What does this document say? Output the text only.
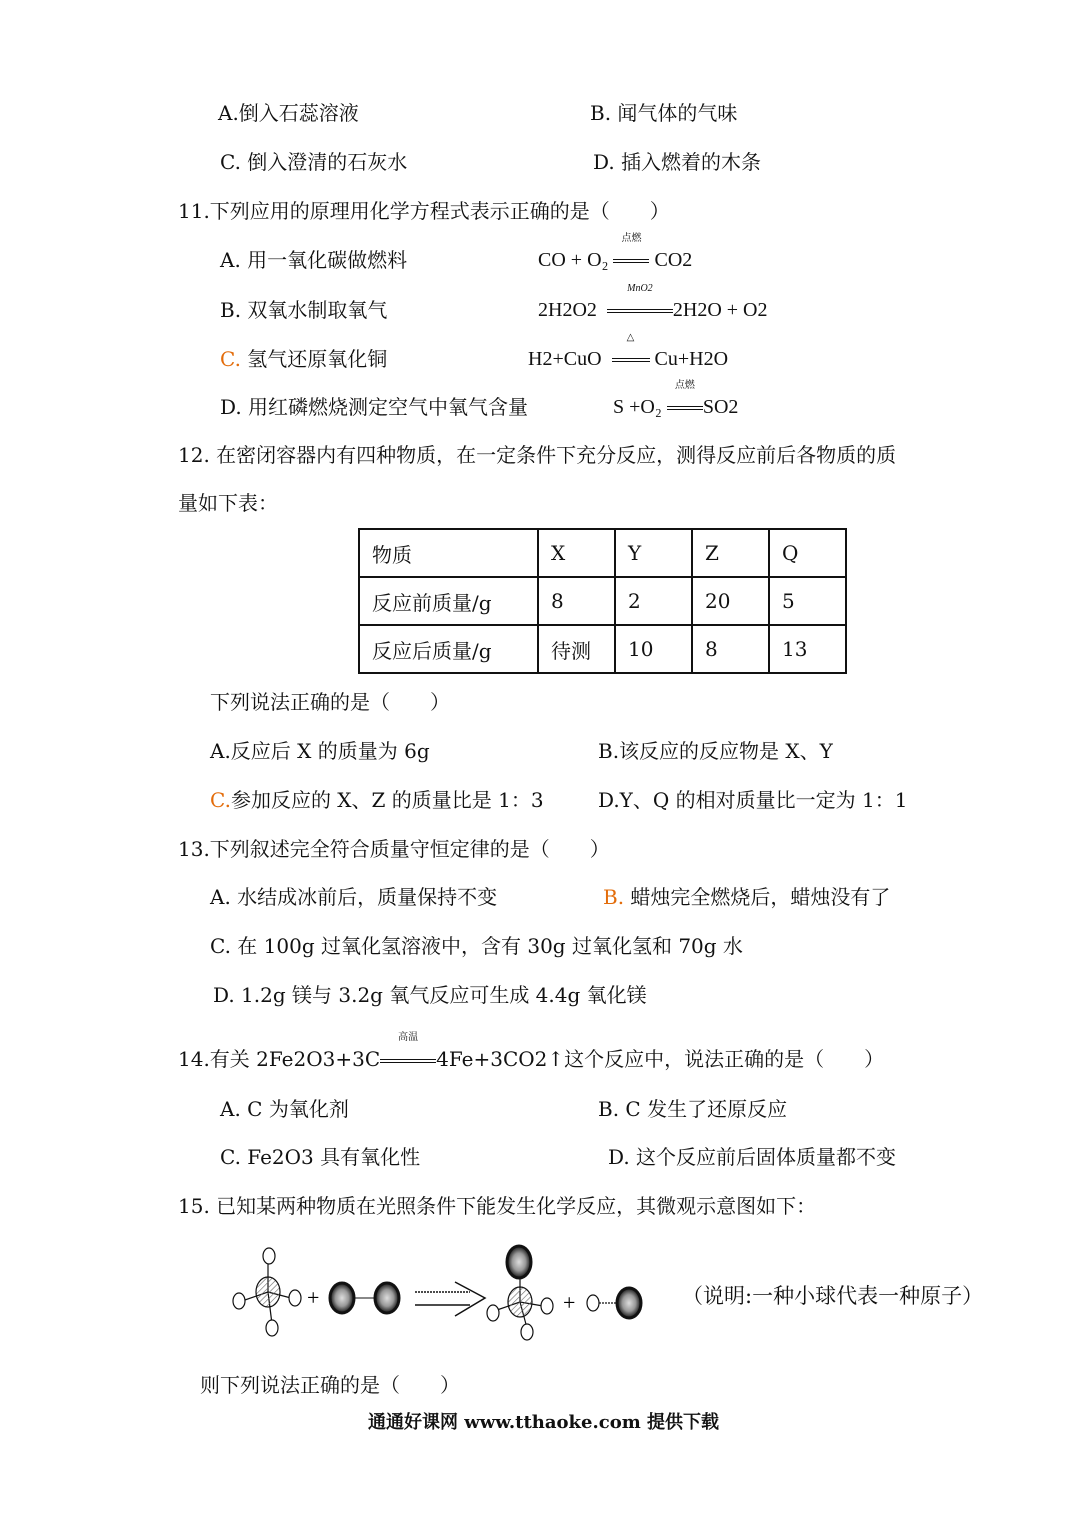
A.倒入石蕊溶液	B. 闻气体的气味
C. 倒入澄清的石灰水	D. 插入燃着的木条
11.下列应用的原理用化学方程式表示正确的是（　　）
A. 用一氧化碳做燃料	CO + O₂
点燃
CO2
B. 双氧水制取氧气	2H2O2
MnO2
2H2O + O2
C. 氢气还原氧化铜	H2+CuO
△
Cu+H2O
D. 用红磷燃烧测定空气中氧气含量	S +O₂
点燃
SO2
12. 在密闭容器内有四种物质，在一定条件下充分反应，测得反应前后各物质的质
量如下表：
物质	X	Y	Z	Q
反应前质量/g	8	2	20	5
反应后质量/g	待测	10	8	13
下列说法正确的是（　　）
A.反应后 X 的质量为 6g	B.该反应的反应物是 X、Y
C.参加反应的 X、Z 的质量比是 1：3	D.Y、Q 的相对质量比一定为 1：1
13.下列叙述完全符合质量守恒定律的是（　　）
A. 水结成冰前后，质量保持不变	B. 蜡烛完全燃烧后，蜡烛没有了
C. 在 100g 过氧化氢溶液中，含有 30g 过氧化氢和 70g 水
D. 1.2g 镁与 3.2g 氧气反应可生成 4.4g 氧化镁
14.有关 2Fe2O3+3C
高温
4Fe+3CO2↑这个反应中，说法正确的是（　　）
A. C 为氧化剂	B. C 发生了还原反应
C. Fe2O3 具有氧化性	D. 这个反应前后固体质量都不变
15. 已知某两种物质在光照条件下能发生化学反应，其微观示意图如下：
+	+	（说明:一种小球代表一种原子）
则下列说法正确的是（　　）
通通好课网 www.tthaoke.com 提供下载
